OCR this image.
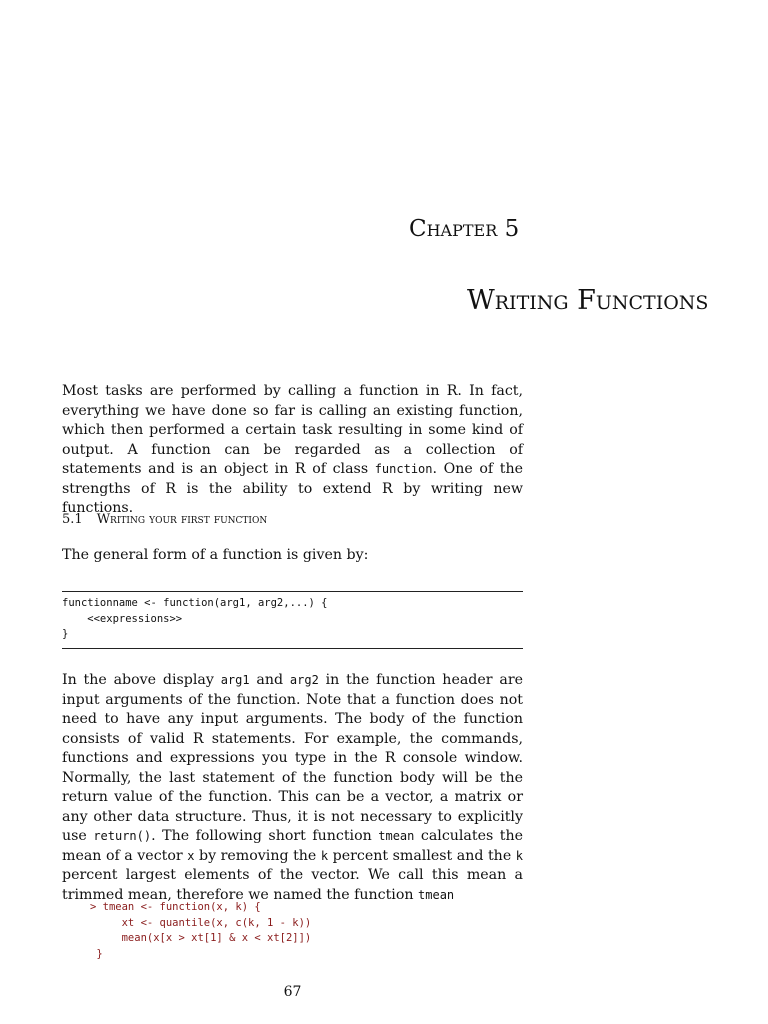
Chapter 5
Writing Functions

Most tasks are performed by calling a function in R. In fact, everything we have done so far is calling an existing function, which then performed a certain task resulting in some kind of output. A function can be regarded as a collection of statements and is an object in R of class function. One of the strengths of R is the ability to extend R by writing new functions.

5.1 Writing your first function

The general form of a function is given by:

functionname <- function(arg1, arg2,...) {
<<expressions>>
}

In the above display arg1 and arg2 in the function header are input arguments of the function. Note that a function does not need to have any input arguments. The body of the function consists of valid R statements. For example, the commands, functions and expressions you type in the R console window. Normally, the last statement of the function body will be the return value of the function. This can be a vector, a matrix or any other data structure. Thus, it is not necessary to explicitly use return(). The following short function tmean calculates the mean of a vector x by removing the k percent smallest and the k percent largest elements of the vector. We call this mean a trimmed mean, therefore we named the function tmean

> tmean <- function(x, k) {
xt <- quantile(x, c(k, 1 - k))
mean(x[x > xt[1] & x < xt[2]])
}
67
